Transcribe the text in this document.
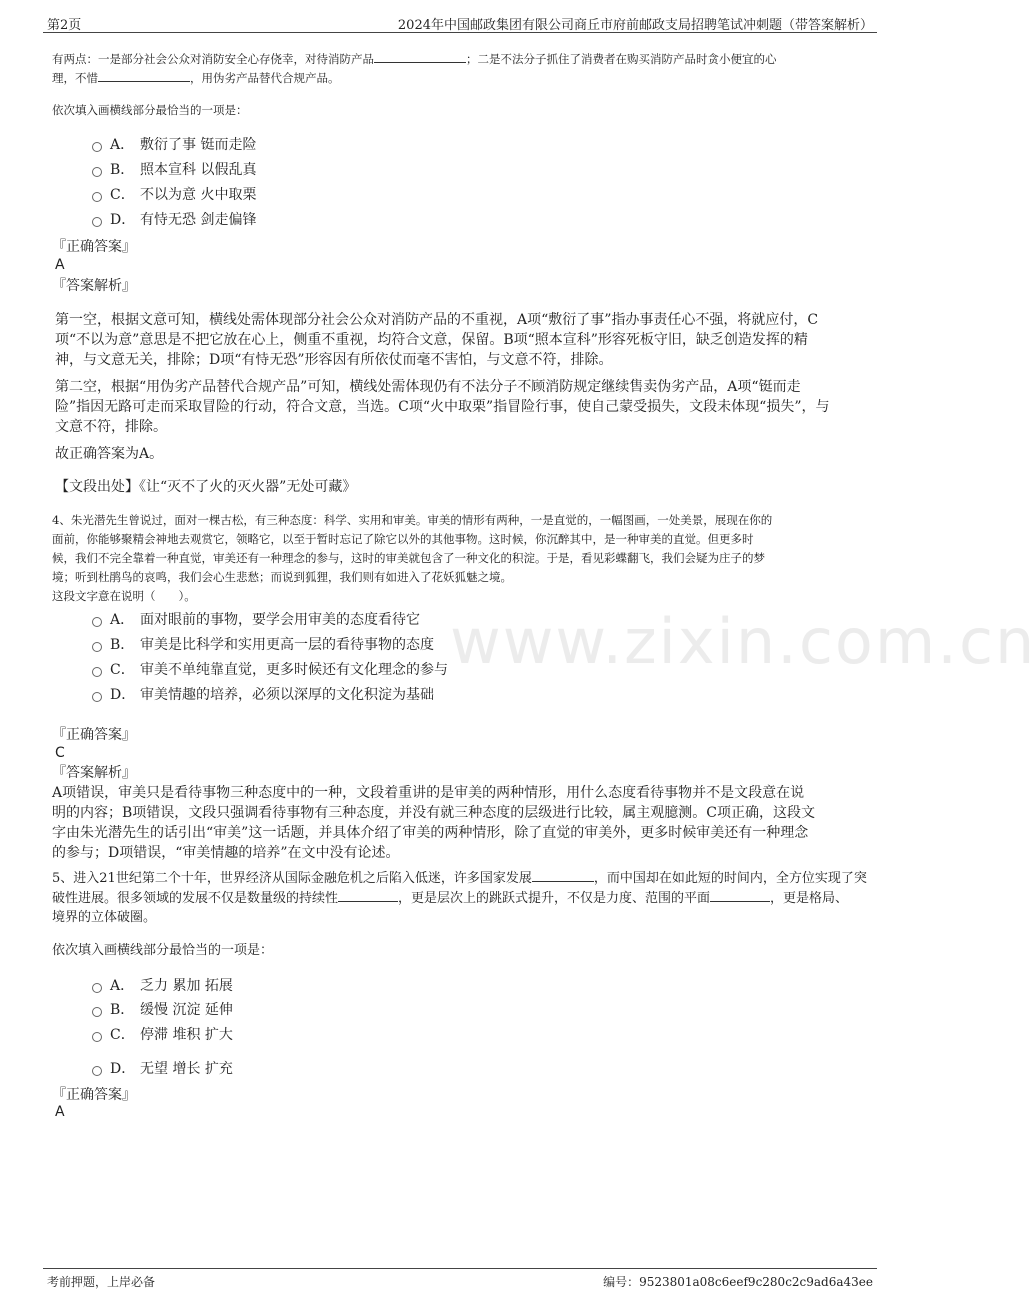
第2页	2024年中国邮政集团有限公司商丘市府前邮政支局招聘笔试冲刺题（带答案解析）
www.zixin.com.cn

有两点：一是部分社会公众对消防安全心存侥幸，对待消防产品	；二是不法分子抓住了消费者在购买消防产品时贪小便宜的心

理，不惜	，用伪劣产品替代合规产品。

依次填入画横线部分最恰当的一项是：

A． 敷衍了事 铤而走险
B． 照本宣科 以假乱真
C． 不以为意 火中取栗
D． 有恃无恐 剑走偏锋
『正确答案』
A
『答案解析』
第一空，根据文意可知，横线处需体现部分社会公众对消防产品的不重视，A项“敷衍了事”指办事责任心不强，将就应付，C
项“不以为意”意思是不把它放在心上，侧重不重视，均符合文意，保留。B项“照本宣科”形容死板守旧，缺乏创造发挥的精
神，与文意无关，排除；D项“有恃无恐”形容因有所依仗而毫不害怕，与文意不符，排除。
第二空，根据“用伪劣产品替代合规产品”可知，横线处需体现仍有不法分子不顾消防规定继续售卖伪劣产品，A项“铤而走
险”指因无路可走而采取冒险的行动，符合文意，当选。C项“火中取栗”指冒险行事，使自己蒙受损失，文段未体现“损失”，与
文意不符，排除。
故正确答案为A。
【文段出处】《让“灭不了火的灭火器”无处可藏》
4、朱光潜先生曾说过，面对一棵古松，有三种态度：科学、实用和审美。审美的情形有两种，一是直觉的，一幅图画，一处美景，展现在你的
面前，你能够聚精会神地去观赏它，领略它，以至于暂时忘记了除它以外的其他事物。这时候，你沉醉其中，是一种审美的直觉。但更多时
候，我们不完全靠着一种直觉，审美还有一种理念的参与，这时的审美就包含了一种文化的积淀。于是，看见彩蝶翻飞，我们会疑为庄子的梦
境；听到杜鹃鸟的哀鸣，我们会心生悲愁；而说到狐狸，我们则有如进入了花妖狐魅之境。
这段文字意在说明（　　）。
A． 面对眼前的事物，要学会用审美的态度看待它
B． 审美是比科学和实用更高一层的看待事物的态度
C． 审美不单纯靠直觉，更多时候还有文化理念的参与
D． 审美情趣的培养，必须以深厚的文化积淀为基础
『正确答案』
C
『答案解析』
A项错误，审美只是看待事物三种态度中的一种，文段着重讲的是审美的两种情形，用什么态度看待事物并不是文段意在说
明的内容；B项错误，文段只强调看待事物有三种态度，并没有就三种态度的层级进行比较，属主观臆测。C项正确，这段文
字由朱光潜先生的话引出“审美”这一话题，并具体介绍了审美的两种情形，除了直觉的审美外，更多时候审美还有一种理念
的参与；D项错误，“审美情趣的培养”在文中没有论述。

5、进入21世纪第二个十年，世界经济从国际金融危机之后陷入低迷，许多国家发展	，而中国却在如此短的时间内，全方位实现了突

破性进展。很多领域的发展不仅是数量级的持续性	，更是层次上的跳跃式提升，不仅是力度、范围的平面	，更是格局、

境界的立体破圈。

依次填入画横线部分最恰当的一项是：

A． 乏力 累加 拓展
B． 缓慢 沉淀 延伸
C． 停滞 堆积 扩大
D． 无望 增长 扩充
『正确答案』
A
考前押题，上岸必备	编号：9523801a08c6eef9c280c2c9ad6a43ee
